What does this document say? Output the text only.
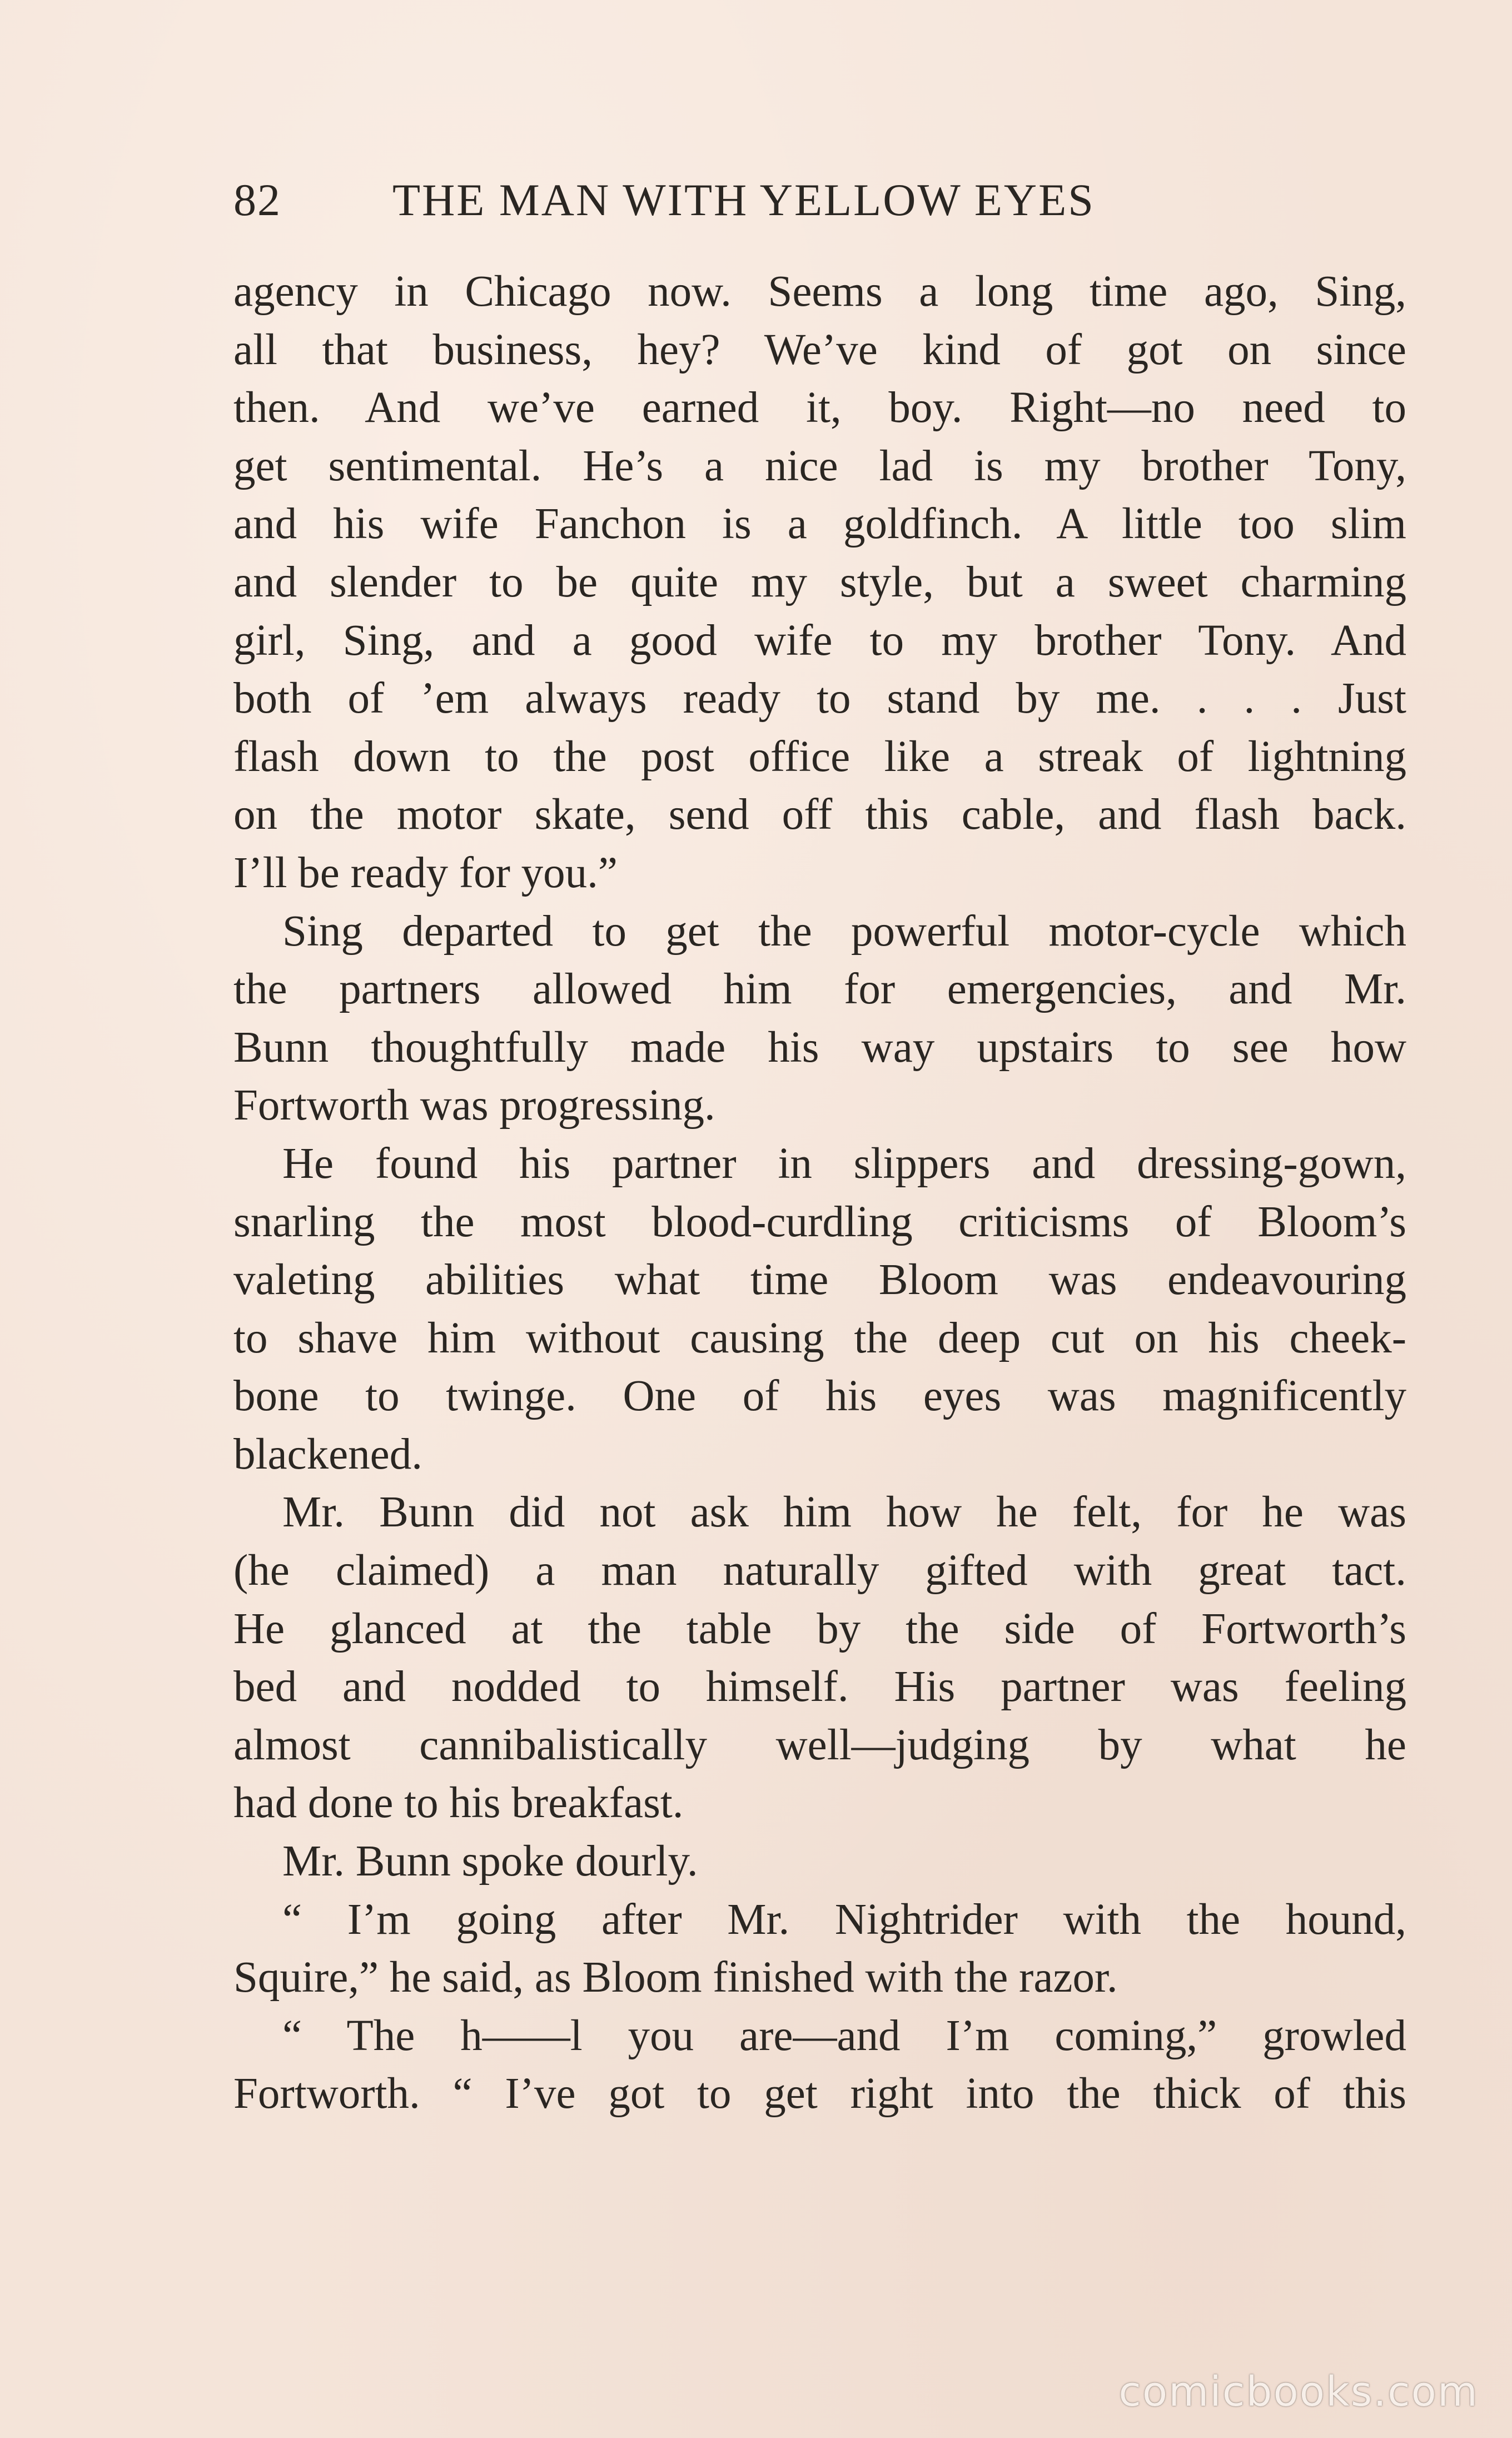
82 THE MAN WITH YELLOW EYES
agency in Chicago now. Seems a long time ago, Sing,
all that business, hey? We’ve kind of got on since
then. And we’ve earned it, boy. Right—no need to
get sentimental. He’s a nice lad is my brother Tony,
and his wife Fanchon is a goldfinch. A little too slim
and slender to be quite my style, but a sweet charming
girl, Sing, and a good wife to my brother Tony. And
both of ’em always ready to stand by me. . . . Just
flash down to the post office like a streak of lightning
on the motor skate, send off this cable, and flash back.
I’ll be ready for you.”
Sing departed to get the powerful motor-cycle which
the partners allowed him for emergencies, and Mr.
Bunn thoughtfully made his way upstairs to see how
Fortworth was progressing.
He found his partner in slippers and dressing-gown,
snarling the most blood-curdling criticisms of Bloom’s
valeting abilities what time Bloom was endeavouring
to shave him without causing the deep cut on his cheek-
bone to twinge. One of his eyes was magnificently
blackened.
Mr. Bunn did not ask him how he felt, for he was
(he claimed) a man naturally gifted with great tact.
He glanced at the table by the side of Fortworth’s
bed and nodded to himself. His partner was feeling
almost cannibalistically well—judging by what he
had done to his breakfast.
Mr. Bunn spoke dourly.
“ I’m going after Mr. Nightrider with the hound,
Squire,” he said, as Bloom finished with the razor.
“ The h——l you are—and I’m coming,” growled
Fortworth. “ I’ve got to get right into the thick of this
comicbooks.com
